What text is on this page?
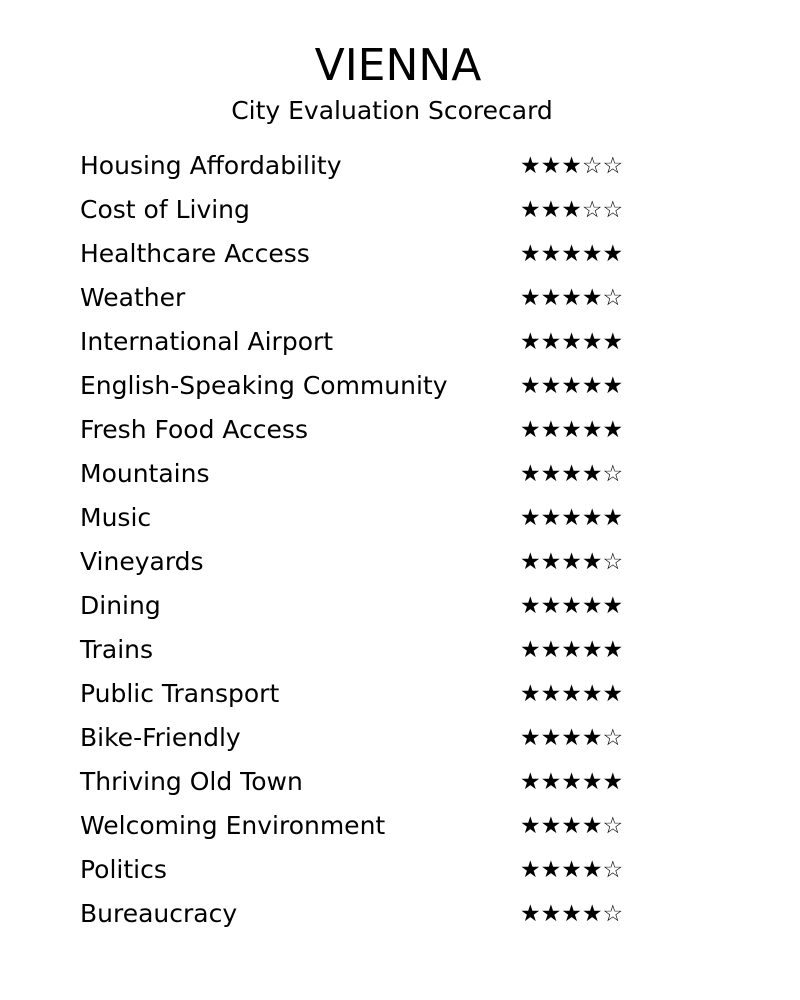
VIENNA
City Evaluation Scorecard
Housing Affordability	★★★☆☆
Cost of Living	★★★☆☆
Healthcare Access	★★★★★
Weather	★★★★☆
International Airport	★★★★★
English-Speaking Community	★★★★★
Fresh Food Access	★★★★★
Mountains	★★★★☆
Music	★★★★★
Vineyards	★★★★☆
Dining	★★★★★
Trains	★★★★★
Public Transport	★★★★★
Bike-Friendly	★★★★☆
Thriving Old Town	★★★★★
Welcoming Environment	★★★★☆
Politics	★★★★☆
Bureaucracy	★★★★☆
